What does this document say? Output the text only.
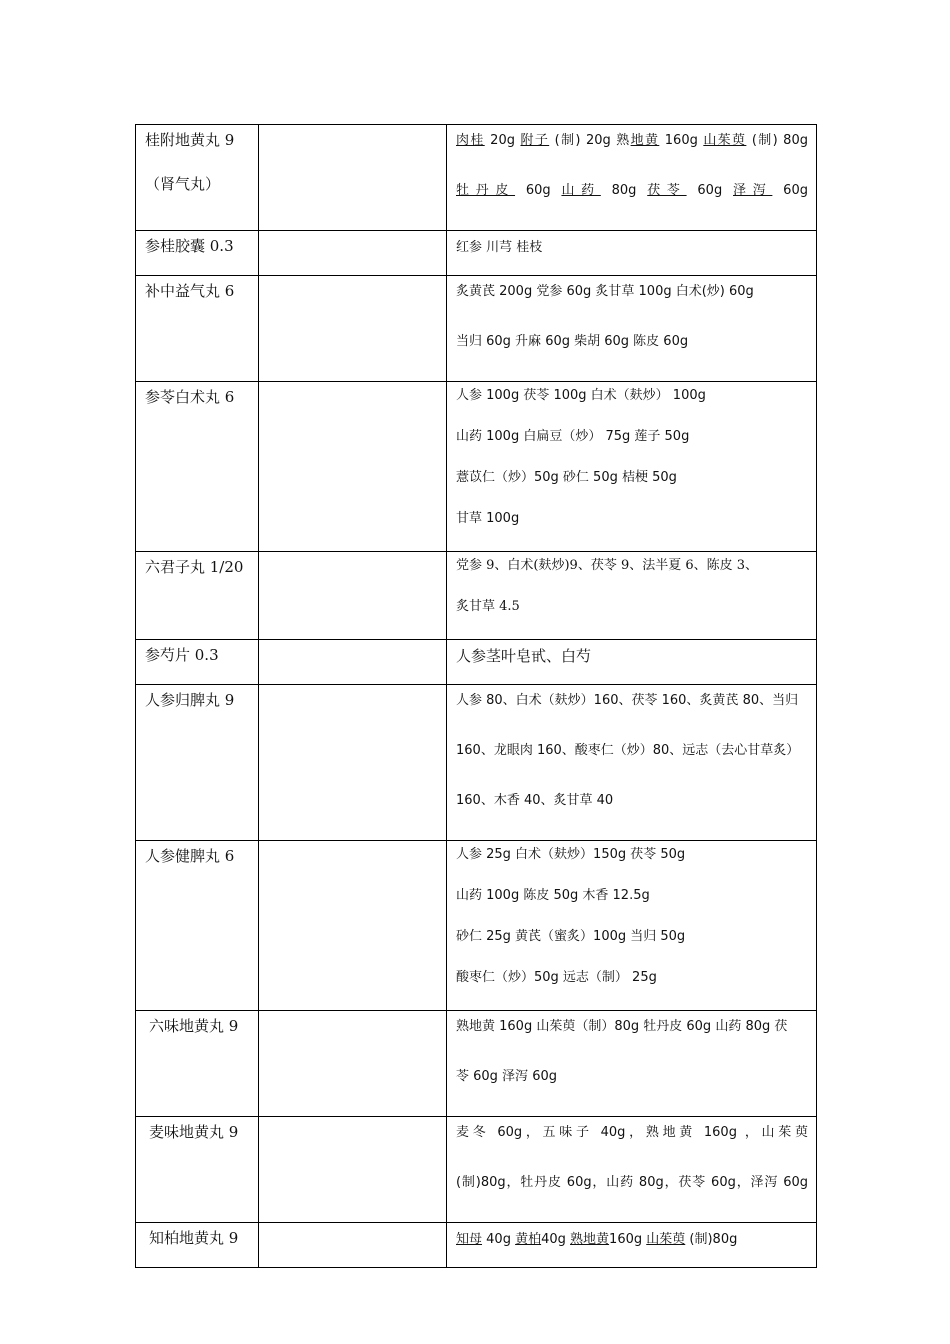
桂附地黄丸 9
（肾气丸）		肉桂 20g 附子 (制) 20g 熟地黄 160g 山茱萸 (制) 80g
牡丹皮 60g 山药 80g 茯苓 60g 泽泻 60g

参桂胶囊 0.3		红参 川芎 桂枝

补中益气丸 6		炙黄芪 200g 党参 60g 炙甘草 100g 白术(炒) 60g
当归 60g 升麻 60g 柴胡 60g 陈皮 60g

参苓白术丸 6		人参 100g 茯苓 100g 白术（麸炒） 100g
山药 100g 白扁豆（炒） 75g 莲子 50g
薏苡仁（炒）50g 砂仁 50g 桔梗 50g
甘草 100g

六君子丸 1/20		党参 9、白术(麸炒)9、茯苓 9、法半夏 6、陈皮 3、
炙甘草 4.5

参芍片 0.3		人参茎叶皂甙、白芍

人参归脾丸 9		人参 80、白术（麸炒）160、茯苓 160、炙黄芪 80、当归
160、龙眼肉 160、酸枣仁（炒）80、远志（去心甘草炙）
160、木香 40、炙甘草 40

人参健脾丸 6		人参 25g 白术（麸炒）150g 茯苓 50g
山药 100g 陈皮 50g 木香 12.5g
砂仁 25g 黄芪（蜜炙）100g 当归 50g
酸枣仁（炒）50g 远志（制） 25g

六味地黄丸 9		熟地黄 160g 山茱萸（制）80g 牡丹皮 60g 山药 80g 茯
苓 60g 泽泻 60g

麦味地黄丸 9		麦冬 60g，五味子 40g，熟地黄 160g ，山茱萸
(制)80g，牡丹皮 60g，山药 80g，茯苓 60g，泽泻 60g

知柏地黄丸 9		知母 40g 黄柏40g 熟地黄160g 山茱萸 (制)80g
